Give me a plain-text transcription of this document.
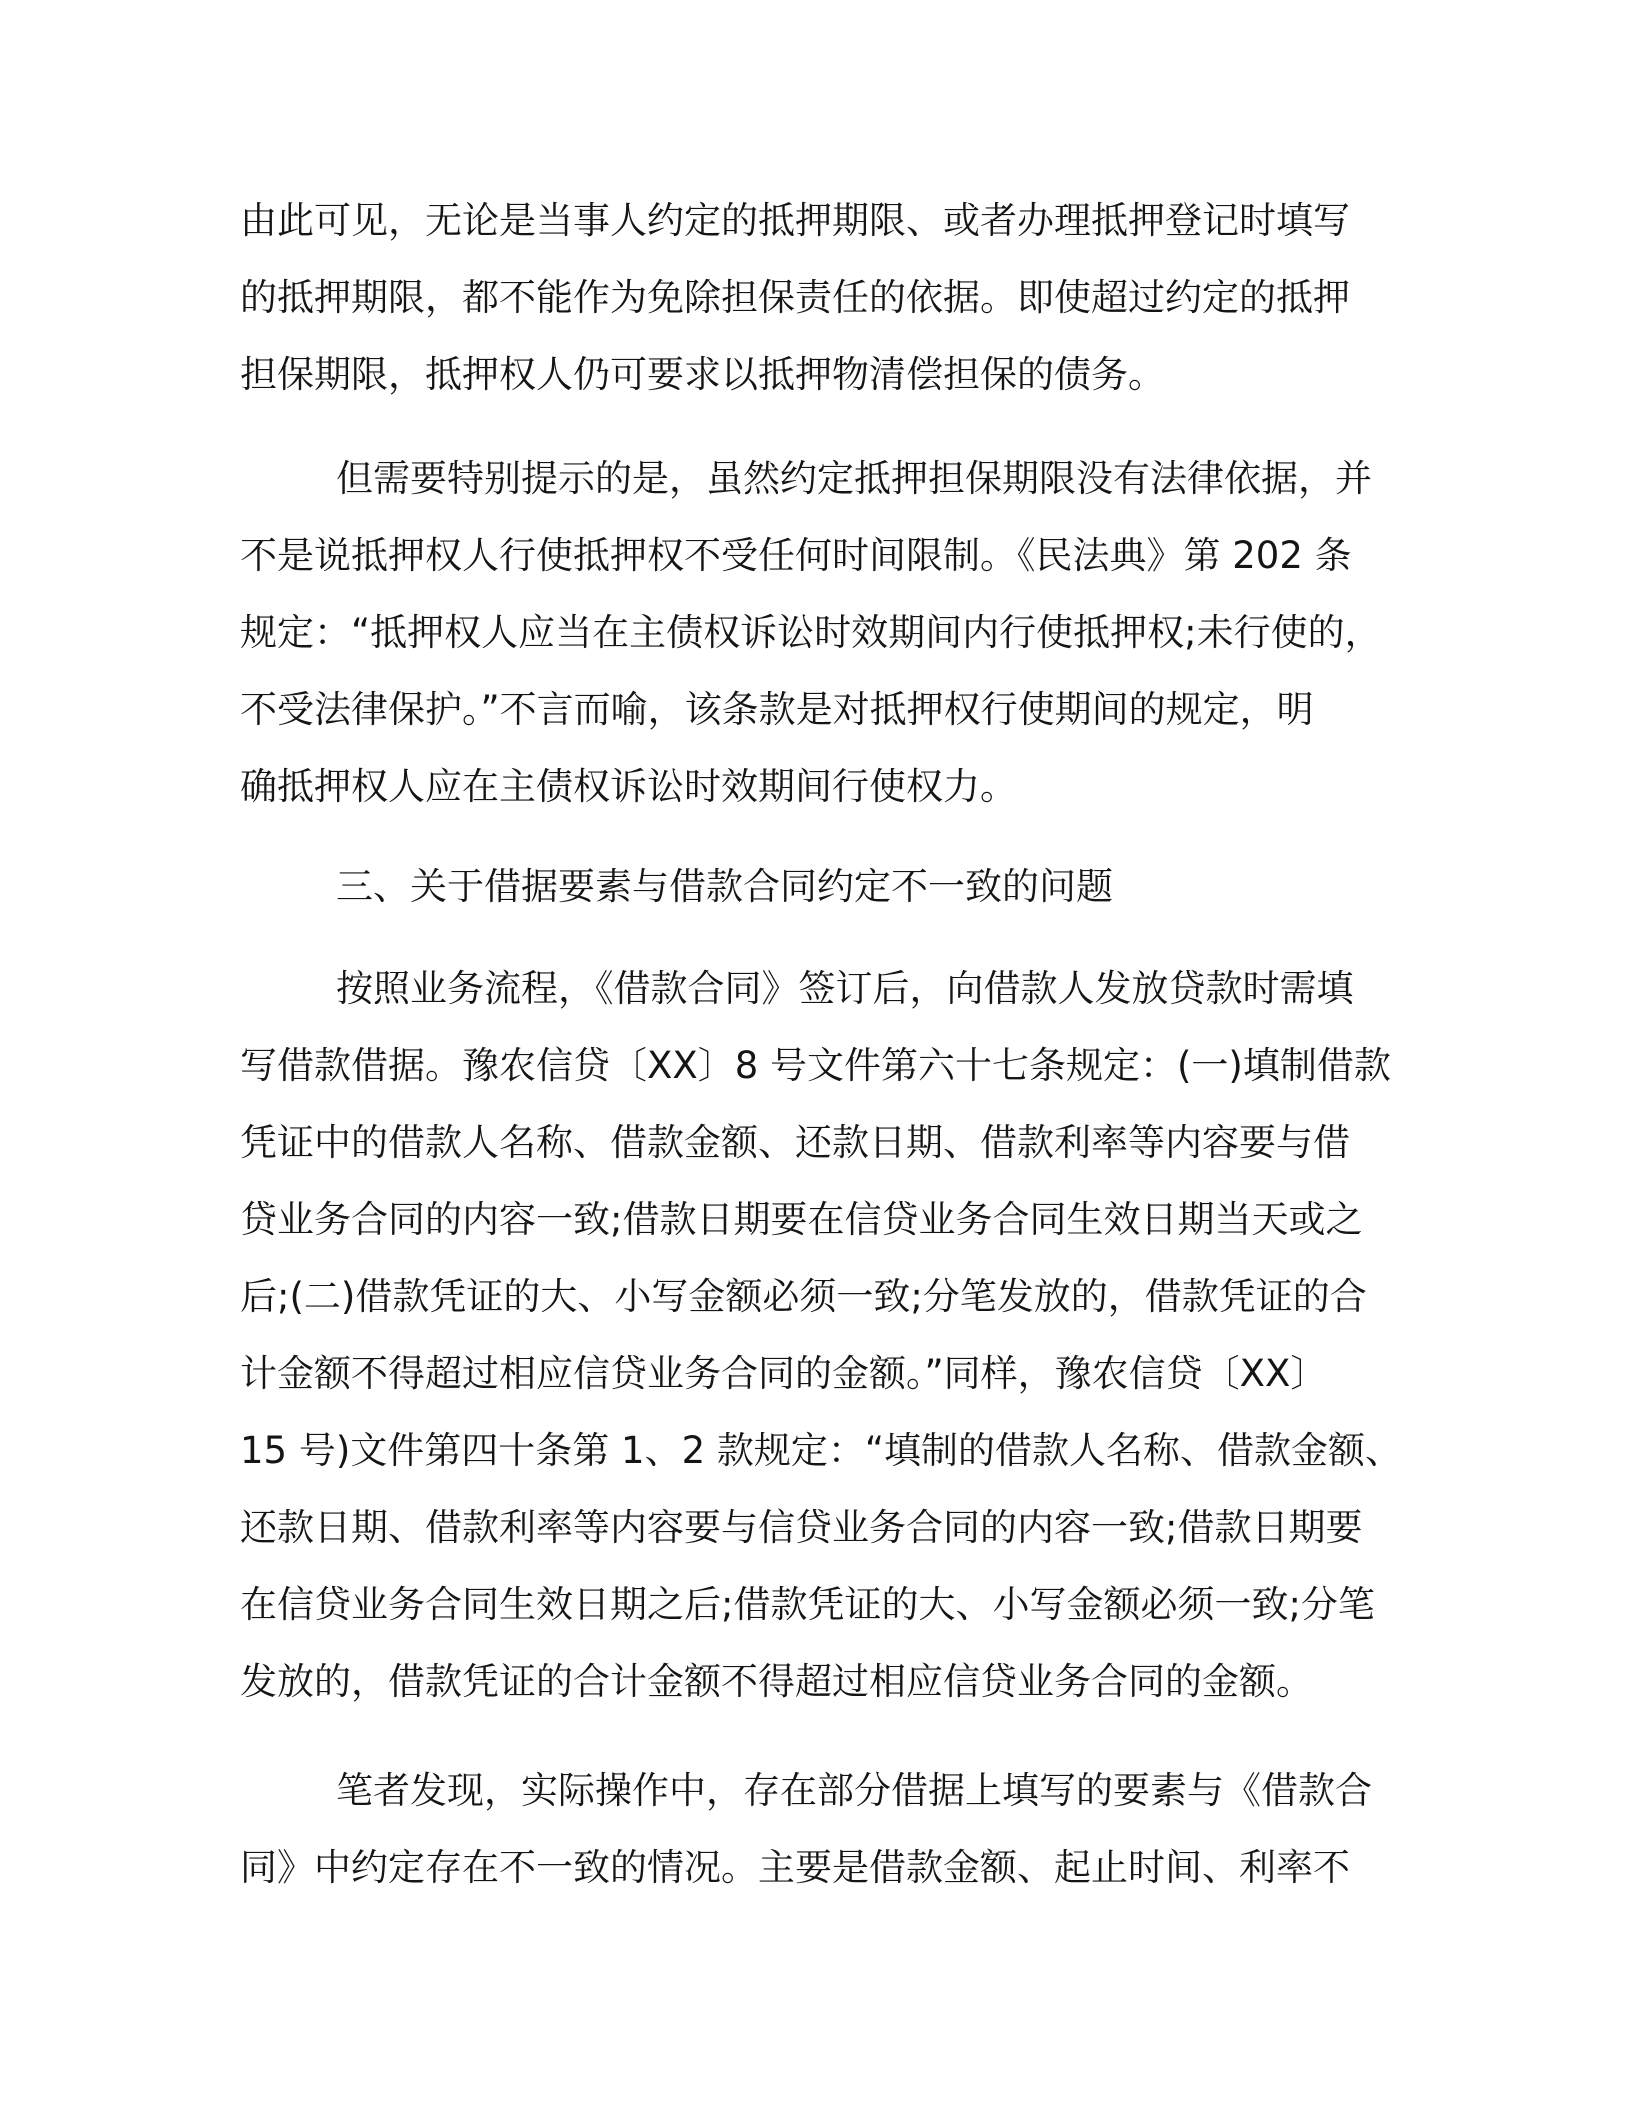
由此可见，无论是当事人约定的抵押期限、或者办理抵押登记时填写
的抵押期限，都不能作为免除担保责任的依据。即使超过约定的抵押
担保期限，抵押权人仍可要求以抵押物清偿担保的债务。
但需要特别提示的是，虽然约定抵押担保期限没有法律依据，并
不是说抵押权人行使抵押权不受任何时间限制。《民法典》第 202 条
规定：“抵押权人应当在主债权诉讼时效期间内行使抵押权;未行使的，
不受法律保护。”不言而喻，该条款是对抵押权行使期间的规定，明
确抵押权人应在主债权诉讼时效期间行使权力。
三、关于借据要素与借款合同约定不一致的问题
按照业务流程，《借款合同》签订后，向借款人发放贷款时需填
写借款借据。豫农信贷〔XX〕8 号文件第六十七条规定：(一)填制借款
凭证中的借款人名称、借款金额、还款日期、借款利率等内容要与借
贷业务合同的内容一致;借款日期要在信贷业务合同生效日期当天或之
后;(二)借款凭证的大、小写金额必须一致;分笔发放的，借款凭证的合
计金额不得超过相应信贷业务合同的金额。”同样，豫农信贷〔XX〕
15 号)文件第四十条第 1、2 款规定：“填制的借款人名称、借款金额、
还款日期、借款利率等内容要与信贷业务合同的内容一致;借款日期要
在信贷业务合同生效日期之后;借款凭证的大、小写金额必须一致;分笔
发放的，借款凭证的合计金额不得超过相应信贷业务合同的金额。
笔者发现，实际操作中，存在部分借据上填写的要素与《借款合
同》中约定存在不一致的情况。主要是借款金额、起止时间、利率不
